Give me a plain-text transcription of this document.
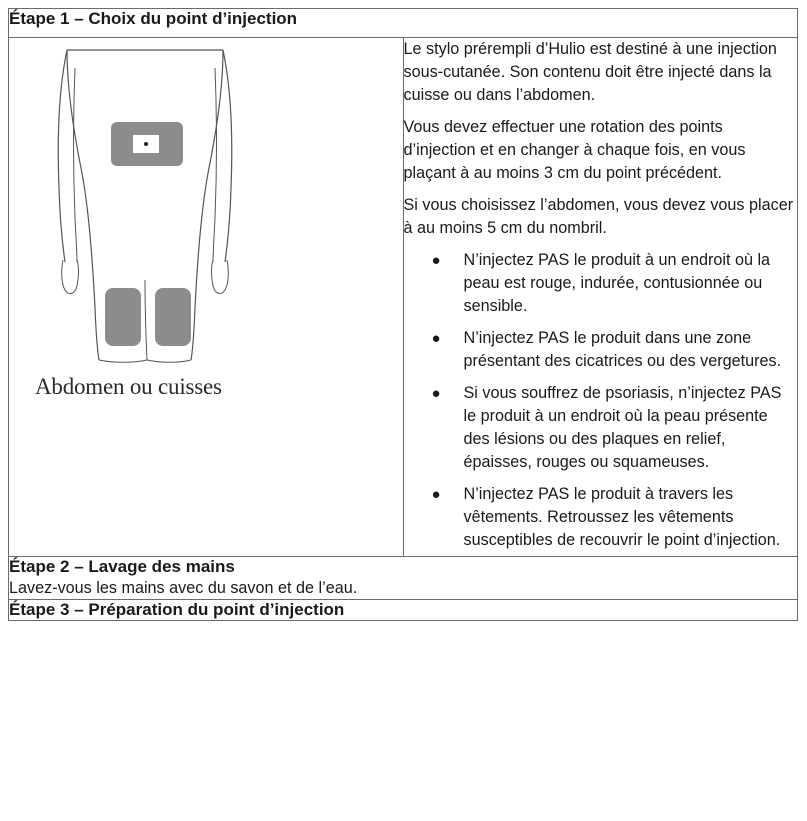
Étape 1 – Choix du point d’injection

Abdomen ou cuisses

Le stylo prérempli d’Hulio est destiné à une injection sous-cutanée. Son contenu doit être injecté dans la cuisse ou dans l’abdomen.

Vous devez effectuer une rotation des points d’injection et en changer à chaque fois, en vous plaçant à au moins 3 cm du point précédent.

Si vous choisissez l’abdomen, vous devez vous placer à au moins 5 cm du nombril.

● N’injectez PAS le produit à un endroit où la peau est rouge, indurée, contusionnée ou sensible.
● N’injectez PAS le produit dans une zone présentant des cicatrices ou des vergetures.
● Si vous souffrez de psoriasis, n’injectez PAS le produit à un endroit où la peau présente des lésions ou des plaques en relief, épaisses, rouges ou squameuses.
● N’injectez PAS le produit à travers les vêtements. Retroussez les vêtements susceptibles de recouvrir le point d’injection.

Étape 2 – Lavage des mains
Lavez-vous les mains avec du savon et de l’eau.
Étape 3 – Préparation du point d’injection
